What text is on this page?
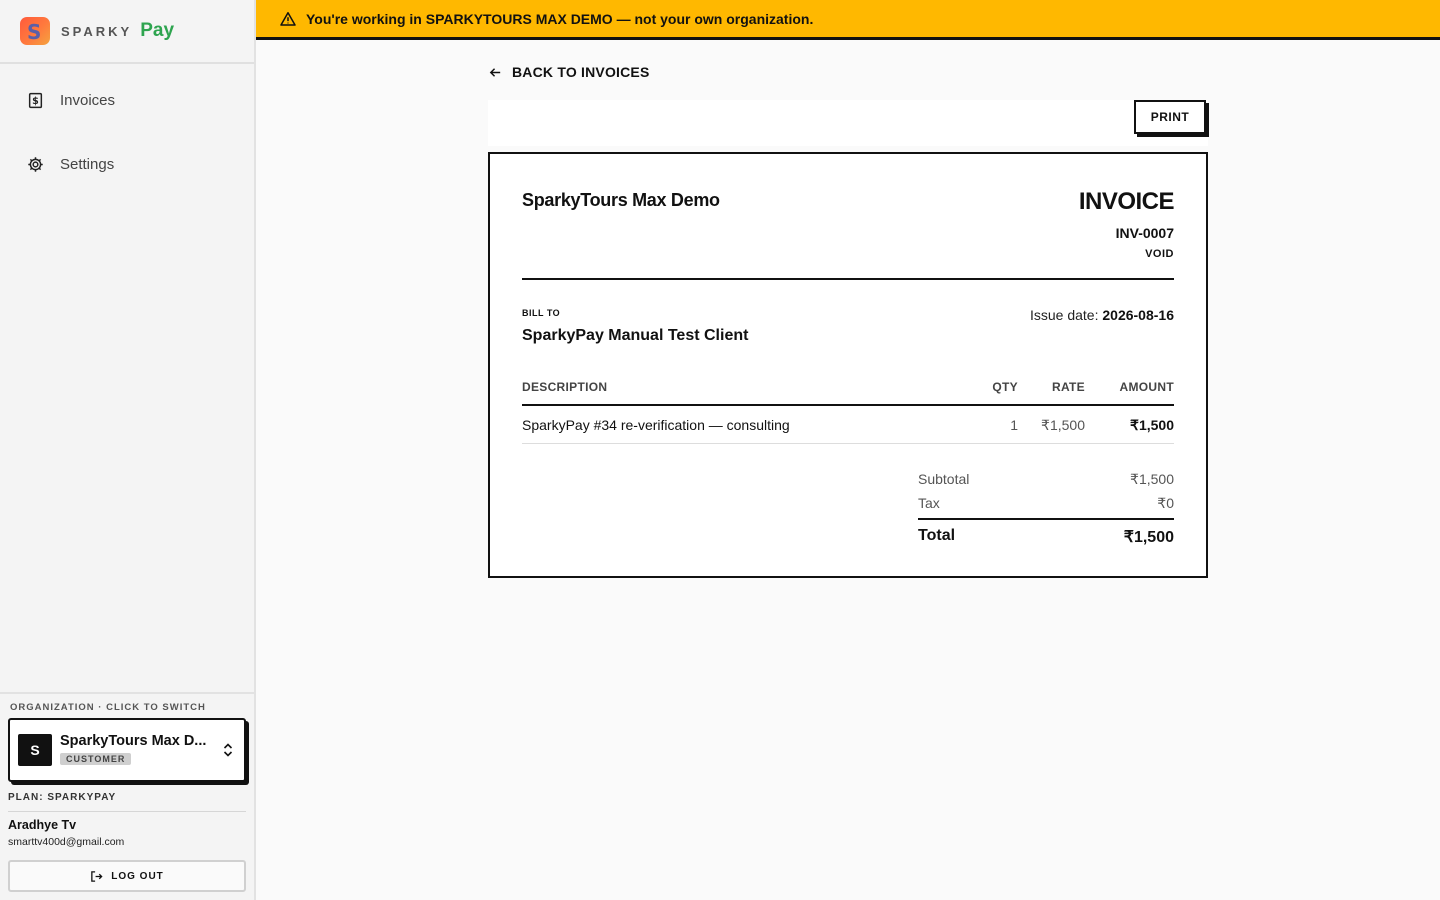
S SPARKY Pay
$ Invoices
Settings
ORGANIZATION · CLICK TO SWITCH
S
SparkyTours Max D...
CUSTOMER
PLAN: SPARKYPAY
Aradhye Tv
smarttv400d@gmail.com
LOG OUT
You're working in SPARKYTOURS MAX DEMO — not your own organization.
BACK TO INVOICES
PRINT
SparkyTours Max Demo	INVOICE
INV-0007
VOID
BILL TO
SparkyPay Manual Test Client
Issue date: 2026-08-16
DESCRIPTION	QTY	RATE	AMOUNT
SparkyPay #34 re-verification — consulting	1 ₹1,500	₹1,500
Subtotal	₹1,500
Tax	₹0
Total	₹1,500
